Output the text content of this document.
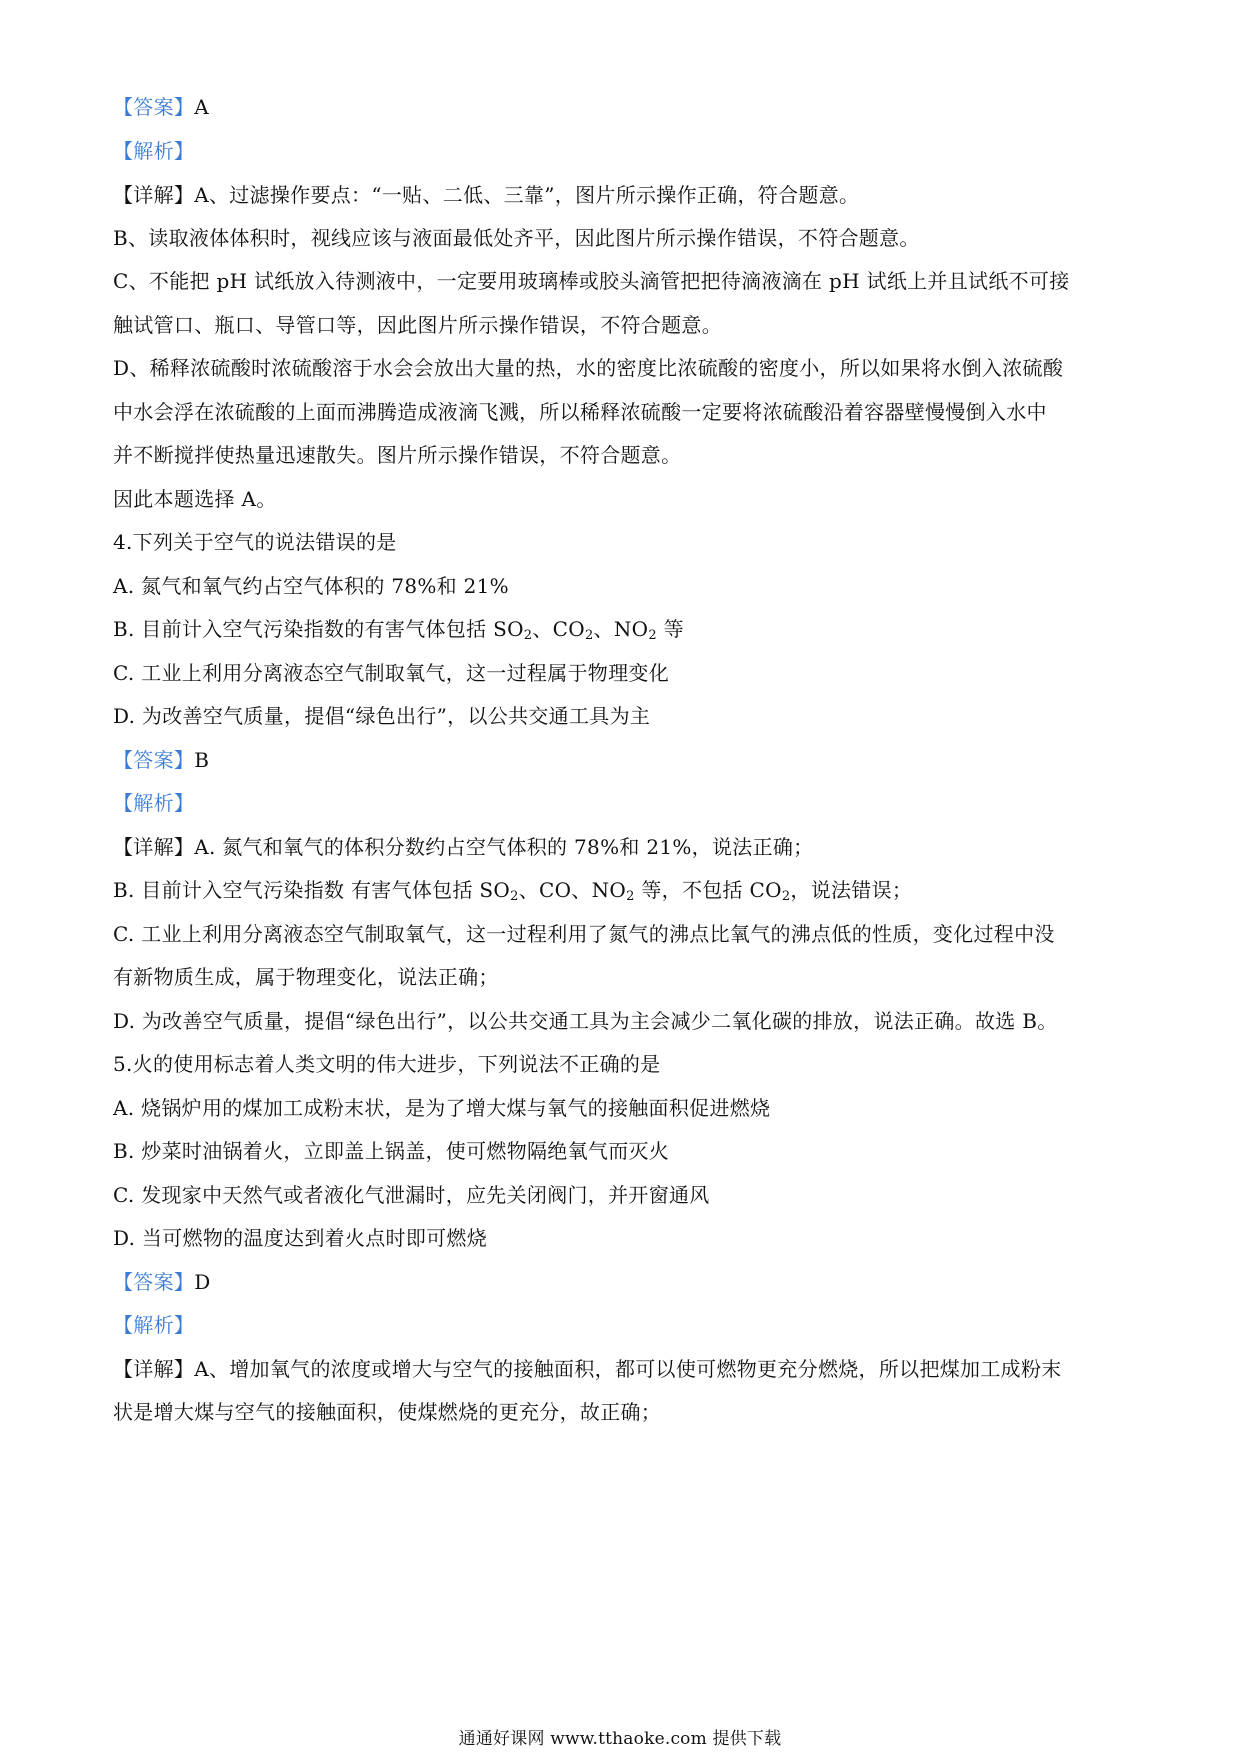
【答案】A
【解析】
【详解】A、过滤操作要点：“一贴、二低、三靠”，图片所示操作正确，符合题意。
B、读取液体体积时，视线应该与液面最低处齐平，因此图片所示操作错误，不符合题意。
C、不能把 pH 试纸放入待测液中，一定要用玻璃棒或胶头滴管把把待滴液滴在 pH 试纸上并且试纸不可接
触试管口、瓶口、导管口等，因此图片所示操作错误，不符合题意。
D、稀释浓硫酸时浓硫酸溶于水会会放出大量的热，水的密度比浓硫酸的密度小，所以如果将水倒入浓硫酸
中水会浮在浓硫酸的上面而沸腾造成液滴飞溅，所以稀释浓硫酸一定要将浓硫酸沿着容器壁慢慢倒入水中
并不断搅拌使热量迅速散失。图片所示操作错误，不符合题意。
因此本题选择 A。
4.下列关于空气的说法错误的是
A. 氮气和氧气约占空气体积的 78%和 21%
B. 目前计入空气污染指数的有害气体包括 $SO_2$、$CO_2$、$NO_2$ 等
C. 工业上利用分离液态空气制取氧气，这一过程属于物理变化
D. 为改善空气质量，提倡“绿色出行”，以公共交通工具为主
【答案】B
【解析】
【详解】A. 氮气和氧气的体积分数约占空气体积的 78%和 21%，说法正确；
B. 目前计入空气污染指数 有害气体包括 $SO_2$、CO、$NO_2$ 等，不包括 $CO_2$，说法错误；
C. 工业上利用分离液态空气制取氧气，这一过程利用了氮气的沸点比氧气的沸点低的性质，变化过程中没
有新物质生成，属于物理变化，说法正确；
D. 为改善空气质量，提倡“绿色出行”，以公共交通工具为主会减少二氧化碳的排放，说法正确。故选 B。
5.火的使用标志着人类文明的伟大进步，下列说法不正确的是
A. 烧锅炉用的煤加工成粉末状，是为了增大煤与氧气的接触面积促进燃烧
B. 炒菜时油锅着火，立即盖上锅盖，使可燃物隔绝氧气而灭火
C. 发现家中天然气或者液化气泄漏时，应先关闭阀门，并开窗通风
D. 当可燃物的温度达到着火点时即可燃烧
【答案】D
【解析】
【详解】A、增加氧气的浓度或增大与空气的接触面积，都可以使可燃物更充分燃烧，所以把煤加工成粉末
状是增大煤与空气的接触面积，使煤燃烧的更充分，故正确；
通通好课网 www.tthaoke.com 提供下载
